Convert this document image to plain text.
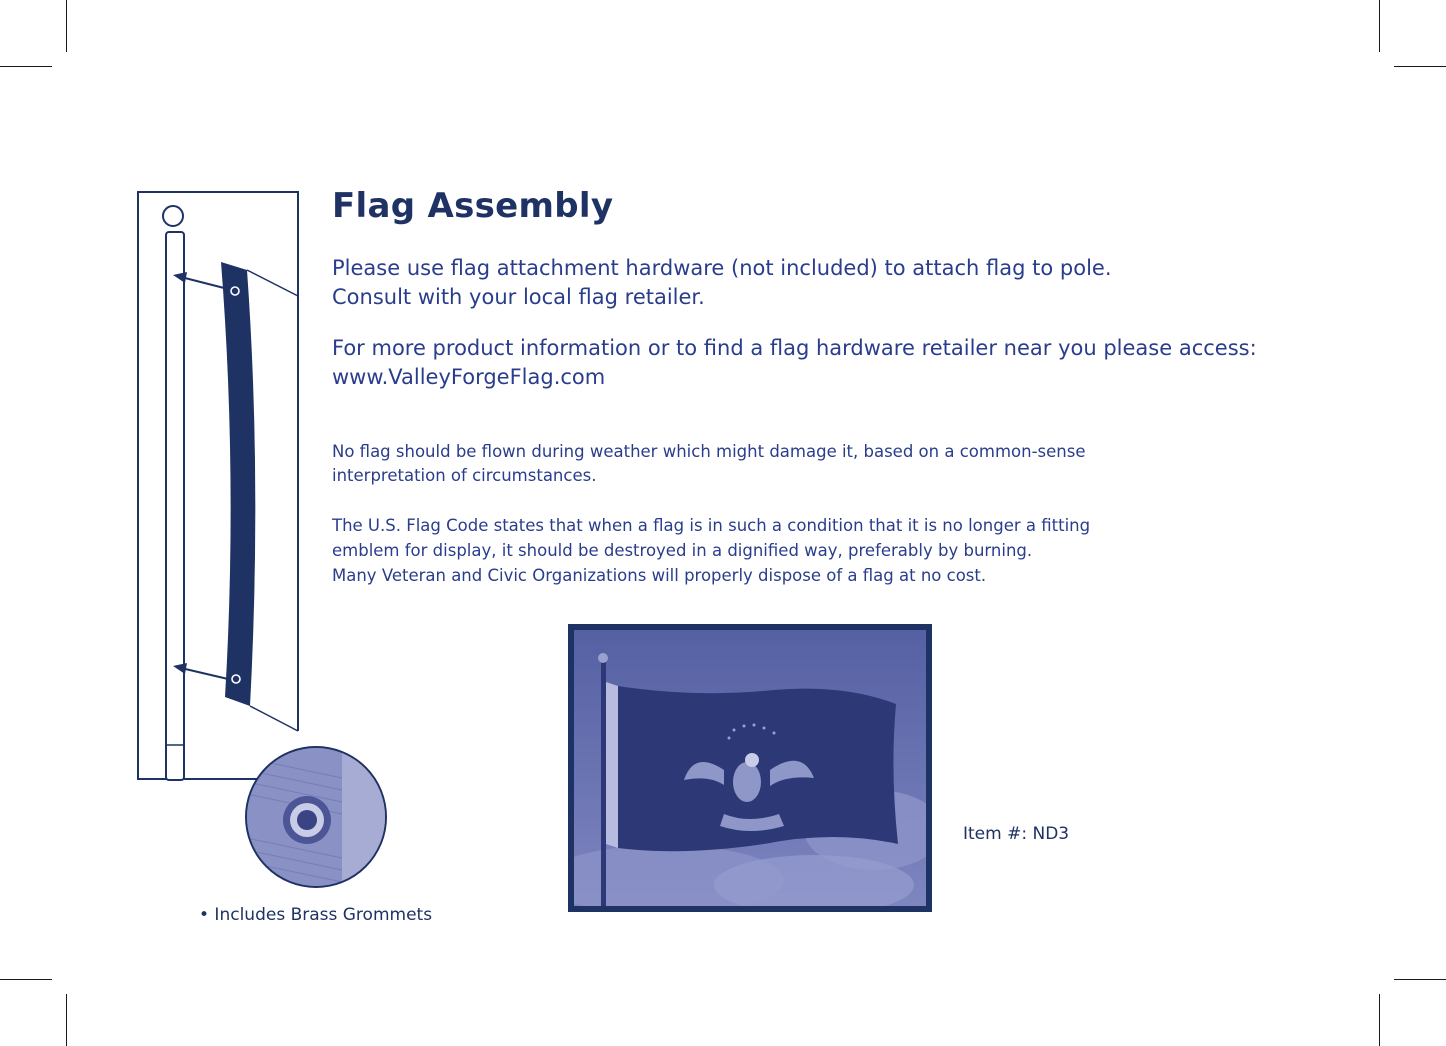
Flag Assembly

Please use flag attachment hardware (not included) to attach flag to pole.

Consult with your local flag retailer.

For more product information or to find a flag hardware retailer near you please access:

www.ValleyForgeFlag.com

No flag should be flown during weather which might damage it, based on a common-sense

interpretation of circumstances.

The U.S. Flag Code states that when a flag is in such a condition that it is no longer a fitting

emblem for display, it should be destroyed in a dignified way, preferably by burning.

Many Veteran and Civic Organizations will properly dispose of a flag at no cost.

• Includes Brass Grommets
Item #: ND3
